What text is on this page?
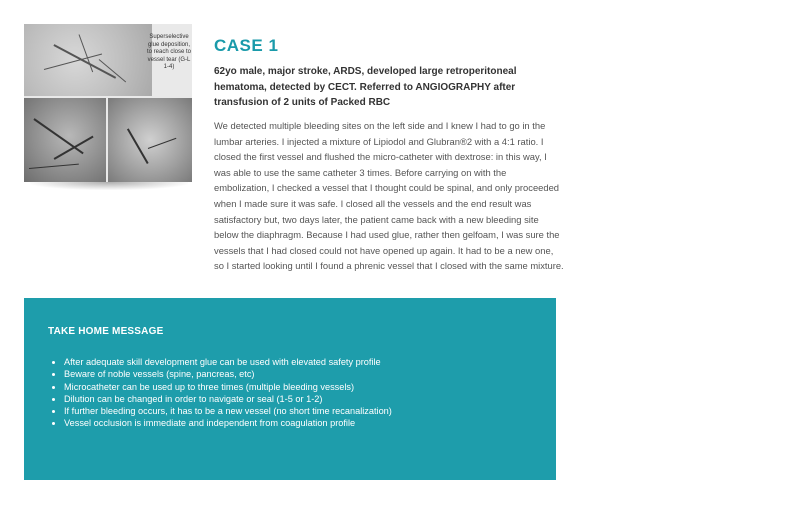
Superselective glue deposition, to reach close to vessel tear (G-L 1-4)
CASE 1
62yo male, major stroke, ARDS, developed large retroperitoneal hematoma, detected by CECT. Referred to ANGIOGRAPHY after transfusion of 2 units of Packed RBC
We detected multiple bleeding sites on the left side and I knew I had to go in the lumbar arteries. I injected a mixture of Lipiodol and Glubran®2 with a 4:1 ratio. I closed the first vessel and flushed the micro-catheter with dextrose: in this way, I was able to use the same catheter 3 times. Before carrying on with the embolization, I checked a vessel that I thought could be spinal, and only proceeded when I made sure it was safe. I closed all the vessels and the end result was satisfactory but, two days later, the patient came back with a new bleeding site below the diaphragm. Because I had used glue, rather then gelfoam, I was sure the vessels that I had closed could not have opened up again. It had to be a new one, so I started looking until I found a phrenic vessel that I closed with the same mixture.
TAKE HOME MESSAGE
• After adequate skill development glue can be used with elevated safety profile
• Beware of noble vessels (spine, pancreas, etc)
• Microcatheter can be used up to three times (multiple bleeding vessels)
• Dilution can be changed in order to navigate or seal (1-5 or 1-2)
• If further bleeding occurs, it has to be a new vessel (no short time recanalization)
• Vessel occlusion is immediate and independent from coagulation profile
